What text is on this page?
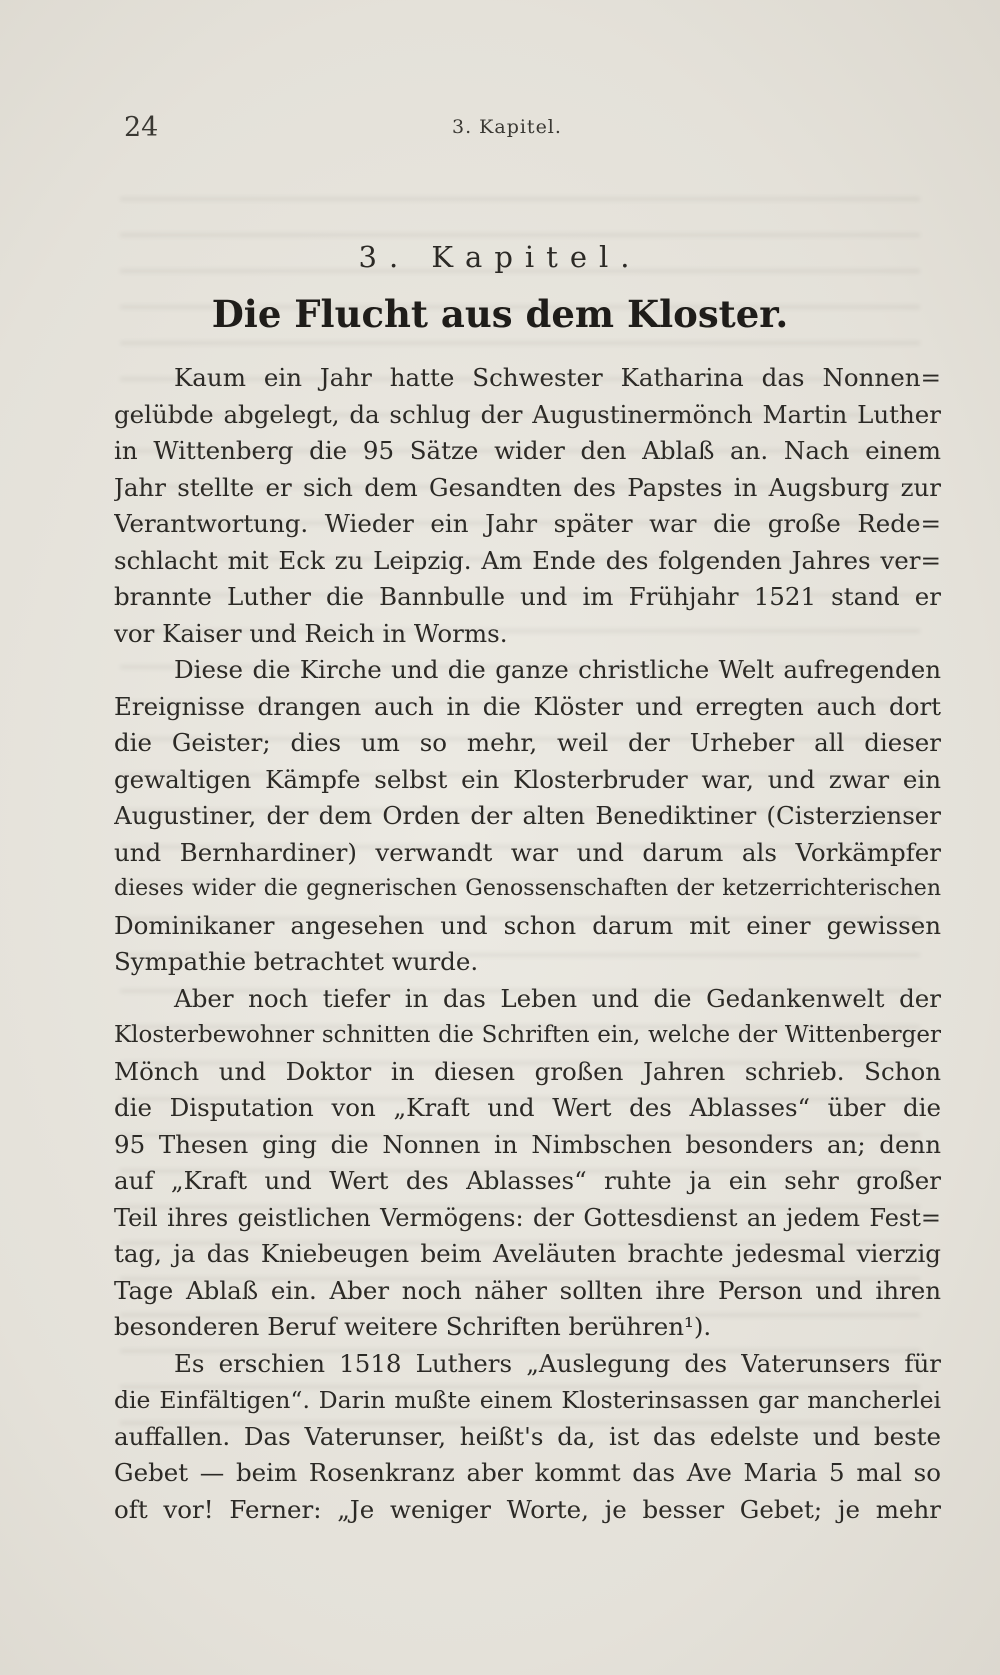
24	3. Kapitel.
3. Kapitel.
Die Flucht aus dem Kloster.
Kaum ein Jahr hatte Schwester Katharina das Nonnen=
gelübde abgelegt, da schlug der Augustinermönch Martin Luther
in Wittenberg die 95 Sätze wider den Ablaß an. Nach einem
Jahr stellte er sich dem Gesandten des Papstes in Augsburg zur
Verantwortung. Wieder ein Jahr später war die große Rede=
schlacht mit Eck zu Leipzig. Am Ende des folgenden Jahres ver=
brannte Luther die Bannbulle und im Frühjahr 1521 stand er
vor Kaiser und Reich in Worms.
Diese die Kirche und die ganze christliche Welt aufregenden
Ereignisse drangen auch in die Klöster und erregten auch dort
die Geister; dies um so mehr, weil der Urheber all dieser
gewaltigen Kämpfe selbst ein Klosterbruder war, und zwar ein
Augustiner, der dem Orden der alten Benediktiner (Cisterzienser
und Bernhardiner) verwandt war und darum als Vorkämpfer
dieses wider die gegnerischen Genossenschaften der ketzerrichterischen
Dominikaner angesehen und schon darum mit einer gewissen
Sympathie betrachtet wurde.
Aber noch tiefer in das Leben und die Gedankenwelt der
Klosterbewohner schnitten die Schriften ein, welche der Wittenberger
Mönch und Doktor in diesen großen Jahren schrieb. Schon
die Disputation von „Kraft und Wert des Ablasses“ über die
95 Thesen ging die Nonnen in Nimbschen besonders an; denn
auf „Kraft und Wert des Ablasses“ ruhte ja ein sehr großer
Teil ihres geistlichen Vermögens: der Gottesdienst an jedem Fest=
tag, ja das Kniebeugen beim Aveläuten brachte jedesmal vierzig
Tage Ablaß ein. Aber noch näher sollten ihre Person und ihren
besonderen Beruf weitere Schriften berühren¹).
Es erschien 1518 Luthers „Auslegung des Vaterunsers für
die Einfältigen“. Darin mußte einem Klosterinsassen gar mancherlei
auffallen. Das Vaterunser, heißt's da, ist das edelste und beste
Gebet — beim Rosenkranz aber kommt das Ave Maria 5 mal so
oft vor! Ferner: „Je weniger Worte, je besser Gebet; je mehr
